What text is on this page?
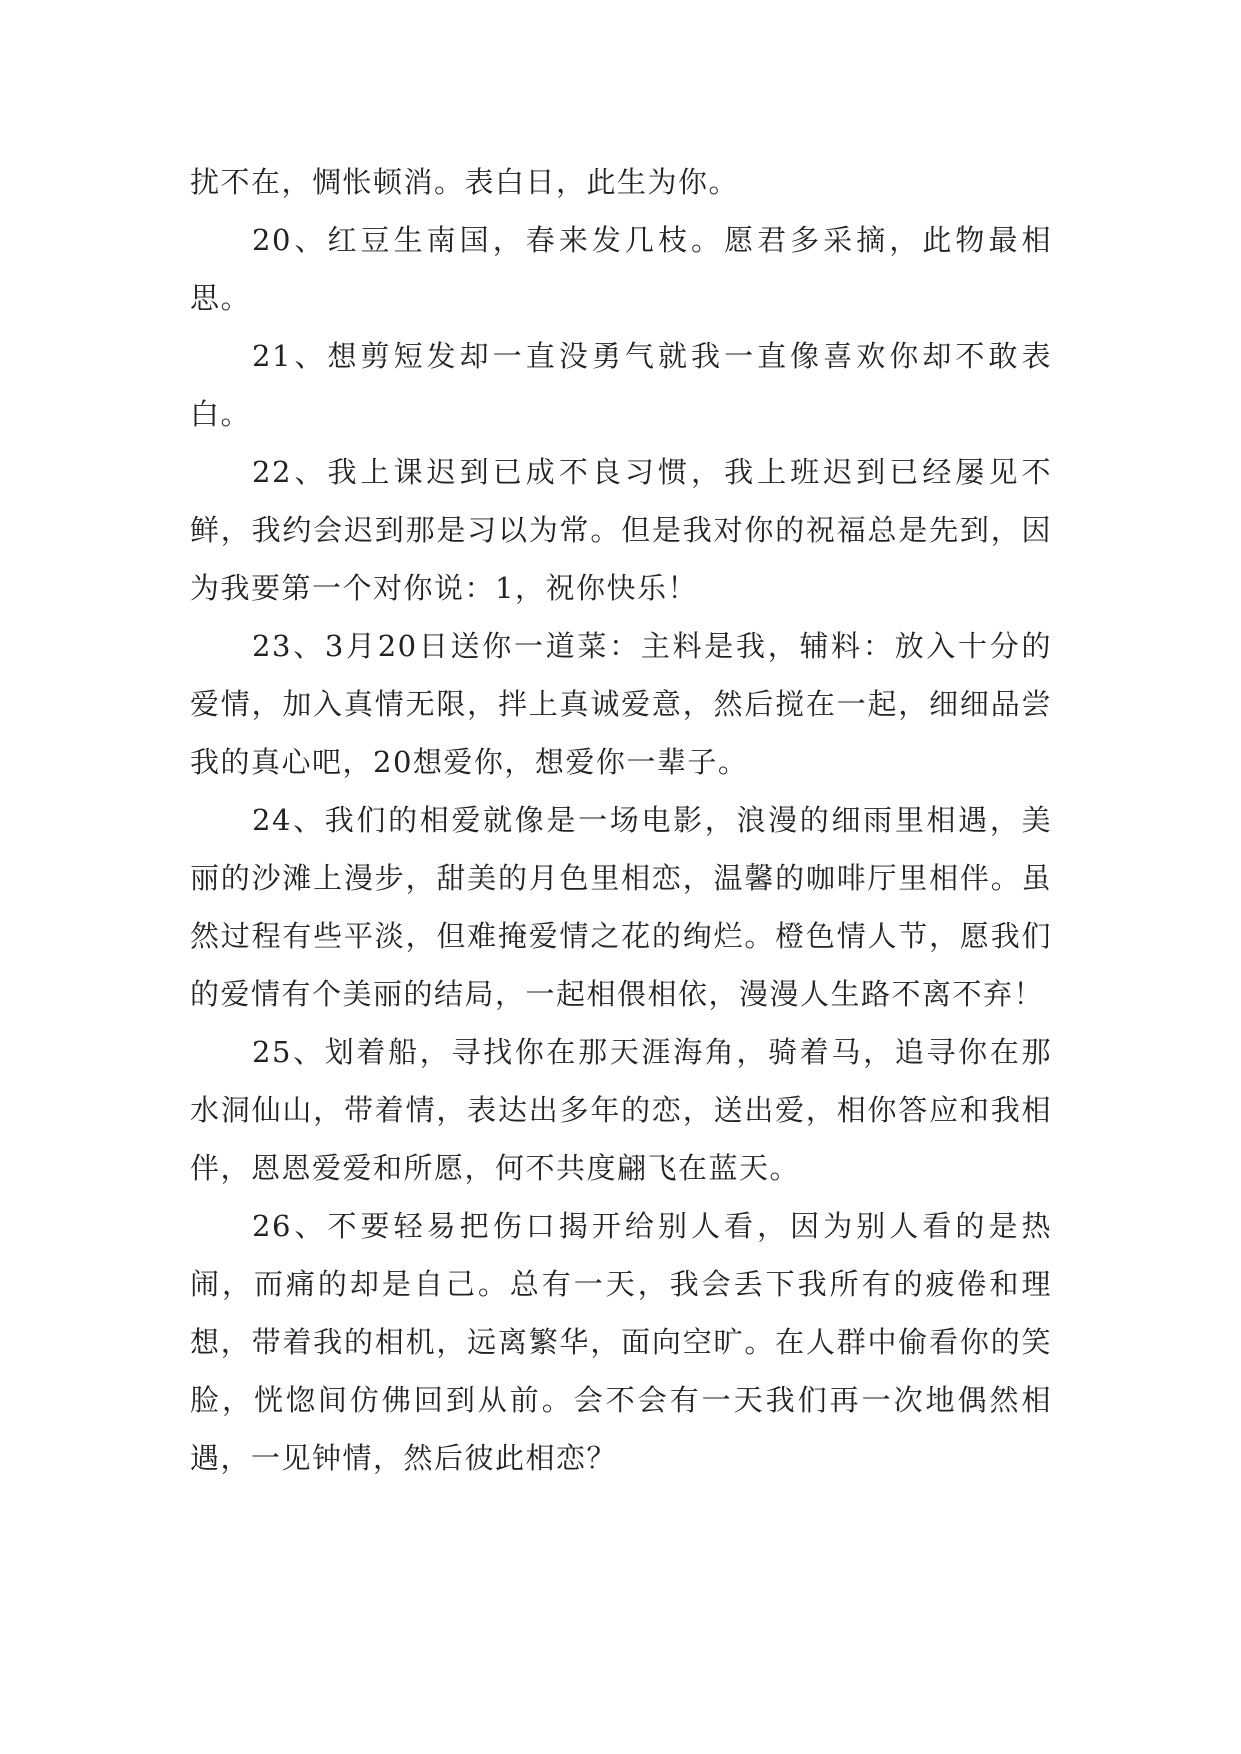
扰不在，惆怅顿消。表白日，此生为你。

20、红豆生南国，春来发几枝。愿君多采摘，此物最相思。

21、想剪短发却一直没勇气就我一直像喜欢你却不敢表白。

22、我上课迟到已成不良习惯，我上班迟到已经屡见不鲜，我约会迟到那是习以为常。但是我对你的祝福总是先到，因为我要第一个对你说：1，祝你快乐！

23、3月20日送你一道菜：主料是我，辅料：放入十分的爱情，加入真情无限，拌上真诚爱意，然后搅在一起，细细品尝我的真心吧，20想爱你，想爱你一辈子。

24、我们的相爱就像是一场电影，浪漫的细雨里相遇，美丽的沙滩上漫步，甜美的月色里相恋，温馨的咖啡厅里相伴。虽然过程有些平淡，但难掩爱情之花的绚烂。橙色情人节，愿我们的爱情有个美丽的结局，一起相偎相依，漫漫人生路不离不弃！

25、划着船，寻找你在那天涯海角，骑着马，追寻你在那水洞仙山，带着情，表达出多年的恋，送出爱，相你答应和我相伴，恩恩爱爱和所愿，何不共度翩飞在蓝天。

26、不要轻易把伤口揭开给别人看，因为别人看的是热闹，而痛的却是自己。总有一天，我会丢下我所有的疲倦和理想，带着我的相机，远离繁华，面向空旷。在人群中偷看你的笑脸，恍惚间仿佛回到从前。会不会有一天我们再一次地偶然相遇，一见钟情，然后彼此相恋？
